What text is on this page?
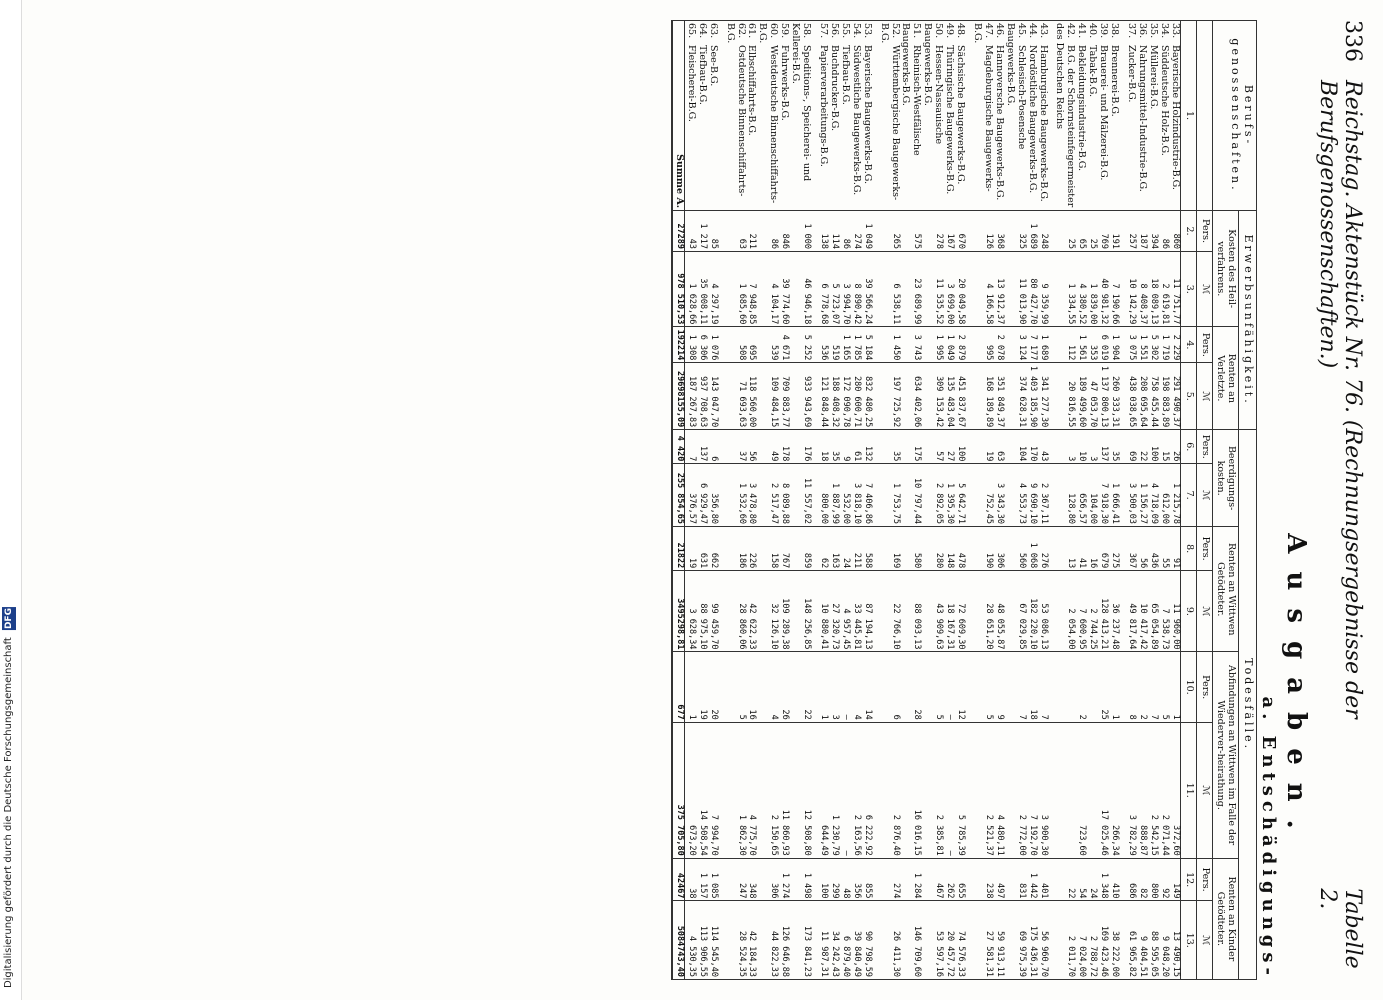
Digitalisierung gefördert durch die Deutsche Forschungsgemeinschaft DFG
336
Reichstag. Aktenstück Nr. 76. (Rechnungsergebnisse der Berufsgenossenschaften.)
Tabelle 2.
Ausgaben.
a. Entschädigungs-
Berufs-genossenschaften.	Erwerbsunfähigkeit.				Todesfälle.							
	Kosten des Heil-verfahrens.		Renten an Verletzte.		Beerdigungs-kosten.		Renten an Wittwen Getödteter.		Abfindungen an Wittwen im Falle der Wiederver-heirathung.		Renten an Kinder Getödteter.	
	Pers.	ℳ	Pers.	ℳ	Pers.	ℳ	Pers.	ℳ	Pers.	ℳ	Pers.	ℳ
1.	2.	3.	4.	5.	6.	7.	8.	9.	10.	11.	12.	13.
33.Bayerische Holzindustrie-B.G.	860	11 751,77	2 229	291 490,37	26	1 215,78	91	11 960,00	1	372,60	149	13 490,15
34.Süddeutsche Holz-B.G.	86	2 619,81	1 719	198 883,89	15	612,00	55	7 538,73	5	2 071,44	92	9 048,20
35.Müllerei-B.G.	394	18 089,13	5 302	758 455,44	100	4 718,09	436	65 054,89	7	2 542,15	800	88 595,05
36.Nahrungsmittel-Industrie-B.G.	187	8 408,37	1 551	208 695,64	22	1 156,27	56	10 417,42	2	888,87	82	9 404,51
37.Zucker-B.G.	257	10 142,29	3 075	438 038,65	69	3 500,03	367	49 817,64	8	3 782,29	686	61 965,82

38.Brennerei-B.G.	191	7 190,66	1 904	260 333,31	35	1 666,41	275	36 237,48	1	266,34	410	38 222,00
39.Brauerei- und Mälzerei-B.G.	769	40 981,32	6 019	1 137 800,13	137	7 918,30	679	128 413,21	25	17 025,46	1 348	169 423,46
40.Tabak-B.G.	25	1 839,00	353	47 053,70	3	104,00	16	2 744,25			24	2 788,72
41.Bekleidungsindustrie-B.G.	65	4 380,52	1 561	189 499,60	10	656,57	41	7 600,95	2	723,60	54	7 024,00
42.B.G. der Schornsteinfegermeister des Deutschen Reichs	25	1 334,55	112	20 816,55	3	128,80	13	2 054,00			22	2 011,70

43.Hamburgische Baugewerks-B.G.	248	9 359,99	1 689	341 277,30	43	2 367,11	276	53 086,13	7	3 900,30	401	56 960,70
44.Nordöstliche Baugewerks-B.G.	1 689	80 427,70	7 177	1 403 185,90	170	9 690,10	1 068	182 220,10	18	7 192,70	1 442	175 436,31
45.Schlesisch-Posensche Baugewerks-B.G.	325	11 013,90	3 124	374 628,31	104	4 553,73	560	67 029,85	7	2 772,00	831	69 975,39
46.Hannoversche Baugewerks-B.G.	368	13 912,37	2 078	351 849,37	63	3 343,30	306	48 055,87	9	4 480,11	497	59 913,11
47.Magdeburgische Baugewerks-B.G.	126	4 166,58	995	168 189,89	19	752,45	190	28 651,20	5	2 521,37	238	27 581,31

48.Sächsische Baugewerks-B.G.	670	20 049,58	2 879	451 837,67	100	5 642,71	478	72 609,30	12	5 785,39	655	74 576,33
49.Thüringische Baugewerks-B.G.	167	3 699,00	1 049	135 483,04	27	1 395,30	148	18 167,31	—	—	262	20 457,72
50.Hessen-Nassauische Baugewerks-B.G.	278	11 535,52	1 995	309 153,42	57	2 892,05	280	43 909,63	5	2 385,81	467	53 597,16
51.Rheinisch-Westfälische Baugewerks-B.G.	575	23 689,99	3 743	634 402,06	175	10 797,44	580	88 093,13	28	16 016,15	1 284	146 709,60
52.Württembergische Baugewerks-B.G.	265	6 538,11	1 450	197 725,92	35	1 753,75	169	22 766,10	6	2 876,40	274	26 411,30

53.Bayerische Baugewerks-B.G.	1 049	39 566,24	5 184	832 480,25	132	7 406,86	588	87 194,13	14	6 222,92	855	90 798,59
54.Südwestliche Baugewerks-B.G.	274	8 890,42	1 785	280 600,71	61	3 818,10	211	33 445,81	4	2 163,56	356	39 840,49
55.Tiefbau-B.G.	86	3 994,70	1 165	172 090,78	9	532,00	24	4 957,45	—	—	48	6 879,40
56.Buchdrucker-B.G.	114	5 723,07	519	188 408,32	35	1 887,99	163	27 320,73	3	1 230,79	299	34 242,43
57.Papierverarbeitungs-B.G.	138	6 778,68	536	121 848,44	18	800,00	62	10 880,41	1	644,49	100	11 987,31

58.Speditions-, Speicherei- und Kellerei-B.G.	1 000	46 946,18	5 252	933 943,69	176	11 557,02	859	148 256,85	22	12 508,80	1 498	173 841,23
59.Fuhrwerks-B.G.	846	39 774,60	4 671	709 883,77	178	8 089,88	767	109 289,38	26	11 860,93	1 274	126 646,88
60.Westdeutsche Binnenschiffahrts-B.G.	86	4 104,17	539	109 484,15	49	2 517,47	158	32 126,10	4	2 150,65	306	44 822,33
61.Elbschiffahrts-B.G.	211	7 948,85	695	118 560,00	56	3 478,80	226	42 622,33	16	4 775,70	348	42 184,33
62.Ostdeutsche Binnenschiffahrts-B.G.	63	1 685,60	508	71 693,63	37	1 532,60	186	28 860,06	5	1 862,30	247	28 524,35

63.See-B.G.	85	4 297,19	1 076	143 047,70	6	356,80	662	99 459,70	20	7 994,70	1 085	114 545,40
64.Tiefbau-B.G.	1 217	35 008,11	6 306	937 708,63	137	6 929,47	631	88 975,10	19	14 508,54	1 157	113 906,55
65.Fleischerei-B.G.	43	1 628,66	1 308	187 267,83	7	376,57	19	3 628,34	1	673,20	38	4 530,35
Summe A.	27289	978 510,53	192214	29698155,09	4 420	255 854,65	21822	3495298,81	677	375 705,80	42467	5084743,40
